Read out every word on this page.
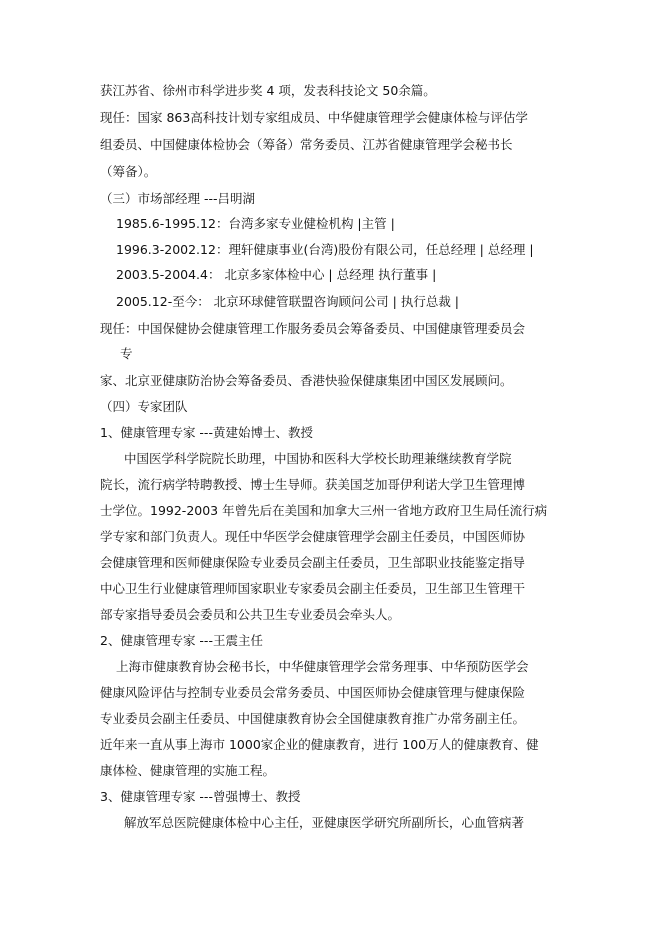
获江苏省、徐州市科学进步奖 4 项，发表科技论文 50余篇。
现任：国家 863高科技计划专家组成员、中华健康管理学会健康体检与评估学
组委员、中国健康体检协会（筹备）常务委员、江苏省健康管理学会秘书长
（筹备）。
（三）市场部经理 ---吕明湖
1985.6-1995.12：台湾多家专业健检机构 |主管 |
1996.3-2002.12：理轩健康事业(台湾)股份有限公司，任总经理 | 总经理 |
2003.5-2004.4： 北京多家体检中心 | 总经理 执行董事 |
2005.12-至今： 北京环球健管联盟咨询顾问公司 | 执行总裁 |
现任：中国保健协会健康管理工作服务委员会筹备委员、中国健康管理委员会
专
家、北京亚健康防治协会筹备委员、香港快验保健康集团中国区发展顾问。
（四）专家团队
1、健康管理专家 ---黄建始博士、教授
中国医学科学院院长助理，中国协和医科大学校长助理兼继续教育学院
院长，流行病学特聘教授、博士生导师。获美国芝加哥伊利诺大学卫生管理博
士学位。1992-2003 年曾先后在美国和加拿大三州一省地方政府卫生局任流行病
学专家和部门负责人。现任中华医学会健康管理学会副主任委员，中国医师协
会健康管理和医师健康保险专业委员会副主任委员，卫生部职业技能鉴定指导
中心卫生行业健康管理师国家职业专家委员会副主任委员，卫生部卫生管理干
部专家指导委员会委员和公共卫生专业委员会牵头人。
2、健康管理专家 ---王震主任
上海市健康教育协会秘书长，中华健康管理学会常务理事、中华预防医学会
健康风险评估与控制专业委员会常务委员、中国医师协会健康管理与健康保险
专业委员会副主任委员、中国健康教育协会全国健康教育推广办常务副主任。
近年来一直从事上海市 1000家企业的健康教育，进行 100万人的健康教育、健
康体检、健康管理的实施工程。
3、健康管理专家 ---曾强博士、教授
解放军总医院健康体检中心主任，亚健康医学研究所副所长，心血管病著
